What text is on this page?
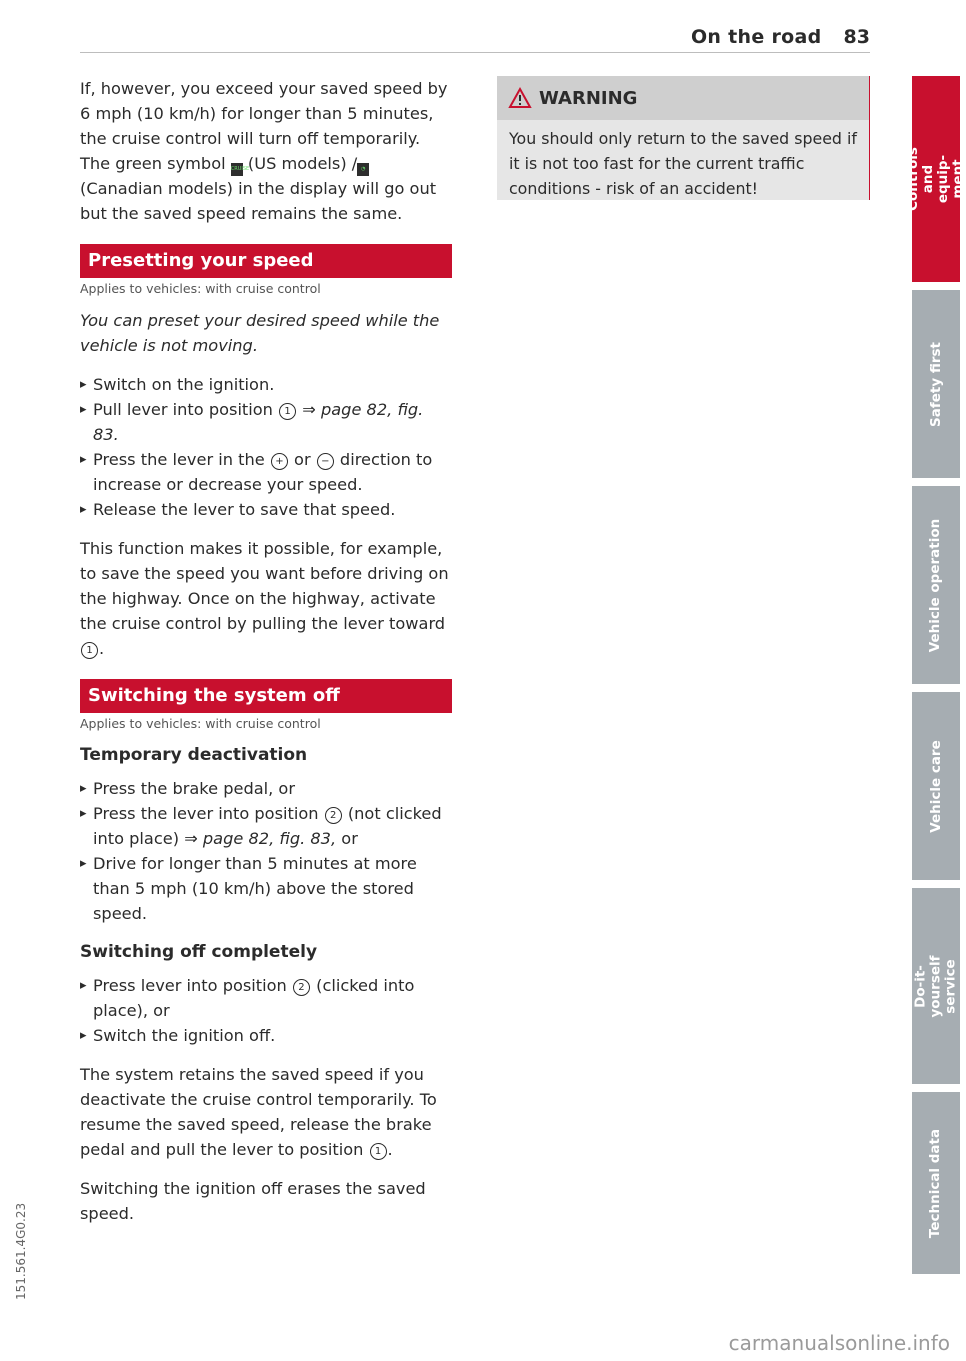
On the road 83

If, however, you exceed your saved speed by 6 mph (10 km/h) for longer than 5 minutes, the cruise control will turn off temporarily. The green symbol CRUISE (US models) / ◔ (Canadian models) in the display will go out but the saved speed remains the same.

Presetting your speed
Applies to vehicles: with cruise control

You can preset your desired speed while the vehicle is not moving.

▸ Switch on the ignition.
▸ Pull lever into position 1 ⇒ page 82, fig. 83.
▸ Press the lever in the + or − direction to increase or decrease your speed.
▸ Release the lever to save that speed.

This function makes it possible, for example, to save the speed you want before driving on the highway. Once on the highway, activate the cruise control by pulling the lever toward 1 .

Switching the system off
Applies to vehicles: with cruise control
Temporary deactivation
▸ Press the brake pedal, or
▸ Press the lever into position 2 (not clicked into place) ⇒ page 82, fig. 83, or
▸ Drive for longer than 5 minutes at more than 5 mph (10 km/h) above the stored speed.
Switching off completely
▸ Press lever into position 2 (clicked into place), or
▸ Switch the ignition off.

The system retains the saved speed if you deactivate the cruise control temporarily. To resume the saved speed, release the brake pedal and pull the lever to position 1 .

Switching the ignition off erases the saved speed.

WARNING
You should only return to the saved speed if it is not too fast for the current traffic conditions - risk of an accident!	Controls and equip-
ment
Safety first
Vehicle operation
Vehicle care
Do-it-yourself
service
Technical data
151.561.4G0.23
carmanualsonline.info
